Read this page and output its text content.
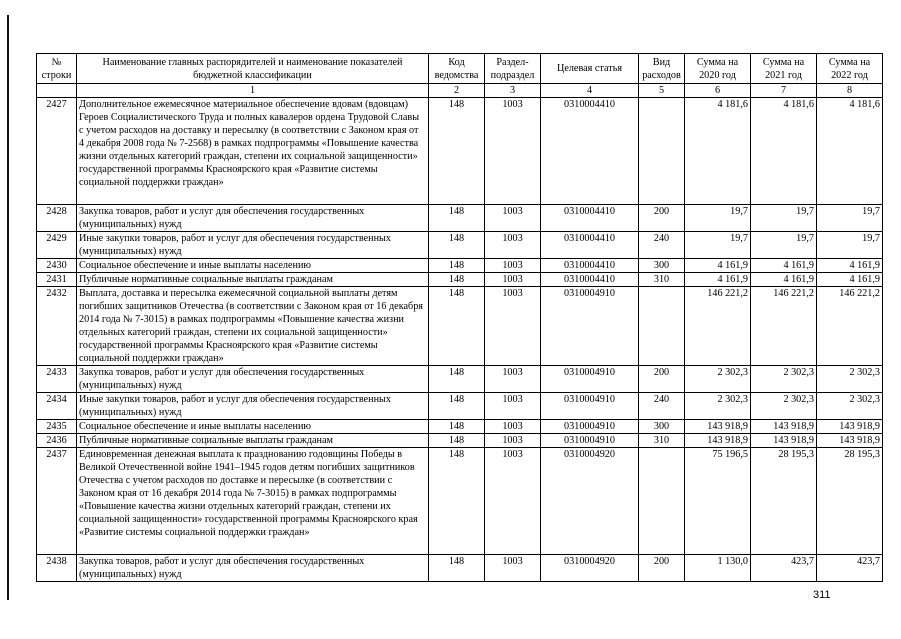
№ строки	Наименование главных распорядителей и наименование показателей бюджетной классификации	Код ведомства	Раздел-подраздел	Целевая статья	Вид расходов	Сумма на 2020 год	Сумма на 2021 год	Сумма на 2022 год
	1	2	3	4	5	6	7	8
2427	Дополнительное ежемесячное материальное обеспечение вдовам (вдовцам) Героев Социалистического Труда и полных кавалеров ордена Трудовой Славы с учетом расходов на доставку и пересылку (в соответствии с Законом края от 4 декабря 2008 года № 7-2568) в рамках подпрограммы «Повышение качества жизни отдельных категорий граждан, степени их социальной защищенности» государственной программы Красноярского края «Развитие системы социальной поддержки граждан»	148	1003	0310004410		4 181,6	4 181,6	4 181,6
2428	Закупка товаров, работ и услуг для обеспечения государственных (муниципальных) нужд	148	1003	0310004410	200	19,7	19,7	19,7
2429	Иные закупки товаров, работ и услуг для обеспечения государственных (муниципальных) нужд	148	1003	0310004410	240	19,7	19,7	19,7
2430	Социальное обеспечение и иные выплаты населению	148	1003	0310004410	300	4 161,9	4 161,9	4 161,9
2431	Публичные нормативные социальные выплаты гражданам	148	1003	0310004410	310	4 161,9	4 161,9	4 161,9
2432	Выплата, доставка и пересылка ежемесячной социальной выплаты детям погибших защитников Отечества (в соответствии с Законом края от 16 декабря 2014 года № 7-3015) в рамках подпрограммы «Повышение качества жизни отдельных категорий граждан, степени их социальной защищенности» государственной программы Красноярского края «Развитие системы социальной поддержки граждан»	148	1003	0310004910		146 221,2	146 221,2	146 221,2
2433	Закупка товаров, работ и услуг для обеспечения государственных (муниципальных) нужд	148	1003	0310004910	200	2 302,3	2 302,3	2 302,3
2434	Иные закупки товаров, работ и услуг для обеспечения государственных (муниципальных) нужд	148	1003	0310004910	240	2 302,3	2 302,3	2 302,3
2435	Социальное обеспечение и иные выплаты населению	148	1003	0310004910	300	143 918,9	143 918,9	143 918,9
2436	Публичные нормативные социальные выплаты гражданам	148	1003	0310004910	310	143 918,9	143 918,9	143 918,9
2437	Единовременная денежная выплата к празднованию годовщины Победы в Великой Отечественной войне 1941–1945 годов детям погибших защитников Отечества с учетом расходов по доставке и пересылке (в соответствии с Законом края от 16 декабря 2014 года № 7-3015) в рамках подпрограммы «Повышение качества жизни отдельных категорий граждан, степени их социальной защищенности» государственной программы Красноярского края «Развитие системы социальной поддержки граждан»	148	1003	0310004920		75 196,5	28 195,3	28 195,3
2438	Закупка товаров, работ и услуг для обеспечения государственных (муниципальных) нужд	148	1003	0310004920	200	1 130,0	423,7	423,7
311
